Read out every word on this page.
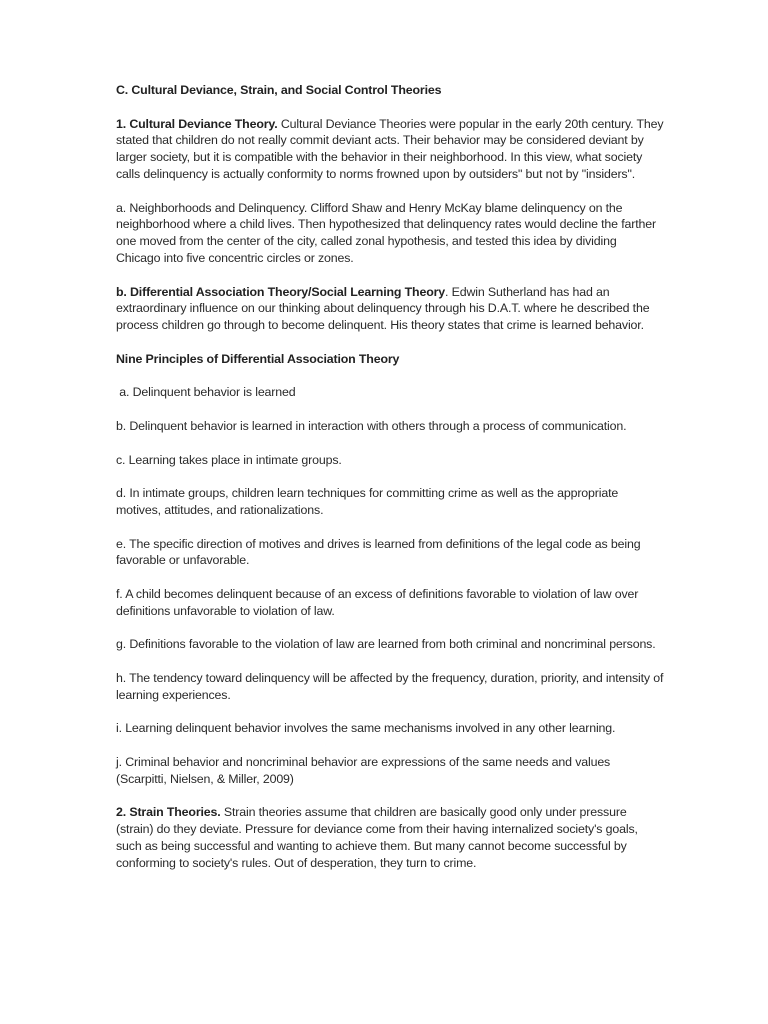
C. Cultural Deviance, Strain, and Social Control Theories

1. Cultural Deviance Theory. Cultural Deviance Theories were popular in the early 20th century. They stated that children do not really commit deviant acts. Their behavior may be considered deviant by larger society, but it is compatible with the behavior in their neighborhood. In this view, what society calls delinquency is actually conformity to norms frowned upon by outsiders" but not by "insiders".

a. Neighborhoods and Delinquency. Clifford Shaw and Henry McKay blame delinquency on the neighborhood where a child lives. Then hypothesized that delinquency rates would decline the farther one moved from the center of the city, called zonal hypothesis, and tested this idea by dividing Chicago into five concentric circles or zones.

b. Differential Association Theory/Social Learning Theory. Edwin Sutherland has had an extraordinary influence on our thinking about delinquency through his D.A.T. where he described the process children go through to become delinquent. His theory states that crime is learned behavior.

Nine Principles of Differential Association Theory

a. Delinquent behavior is learned

b. Delinquent behavior is learned in interaction with others through a process of communication.

c. Learning takes place in intimate groups.

d. In intimate groups, children learn techniques for committing crime as well as the appropriate motives, attitudes, and rationalizations.

e. The specific direction of motives and drives is learned from definitions of the legal code as being favorable or unfavorable.

f. A child becomes delinquent because of an excess of definitions favorable to violation of law over definitions unfavorable to violation of law.

g. Definitions favorable to the violation of law are learned from both criminal and noncriminal persons.

h. The tendency toward delinquency will be affected by the frequency, duration, priority, and intensity of learning experiences.

i. Learning delinquent behavior involves the same mechanisms involved in any other learning.

j. Criminal behavior and noncriminal behavior are expressions of the same needs and values (Scarpitti, Nielsen, & Miller, 2009)

2. Strain Theories. Strain theories assume that children are basically good only under pressure (strain) do they deviate. Pressure for deviance come from their having internalized society's goals, such as being successful and wanting to achieve them. But many cannot become successful by conforming to society's rules. Out of desperation, they turn to crime.
